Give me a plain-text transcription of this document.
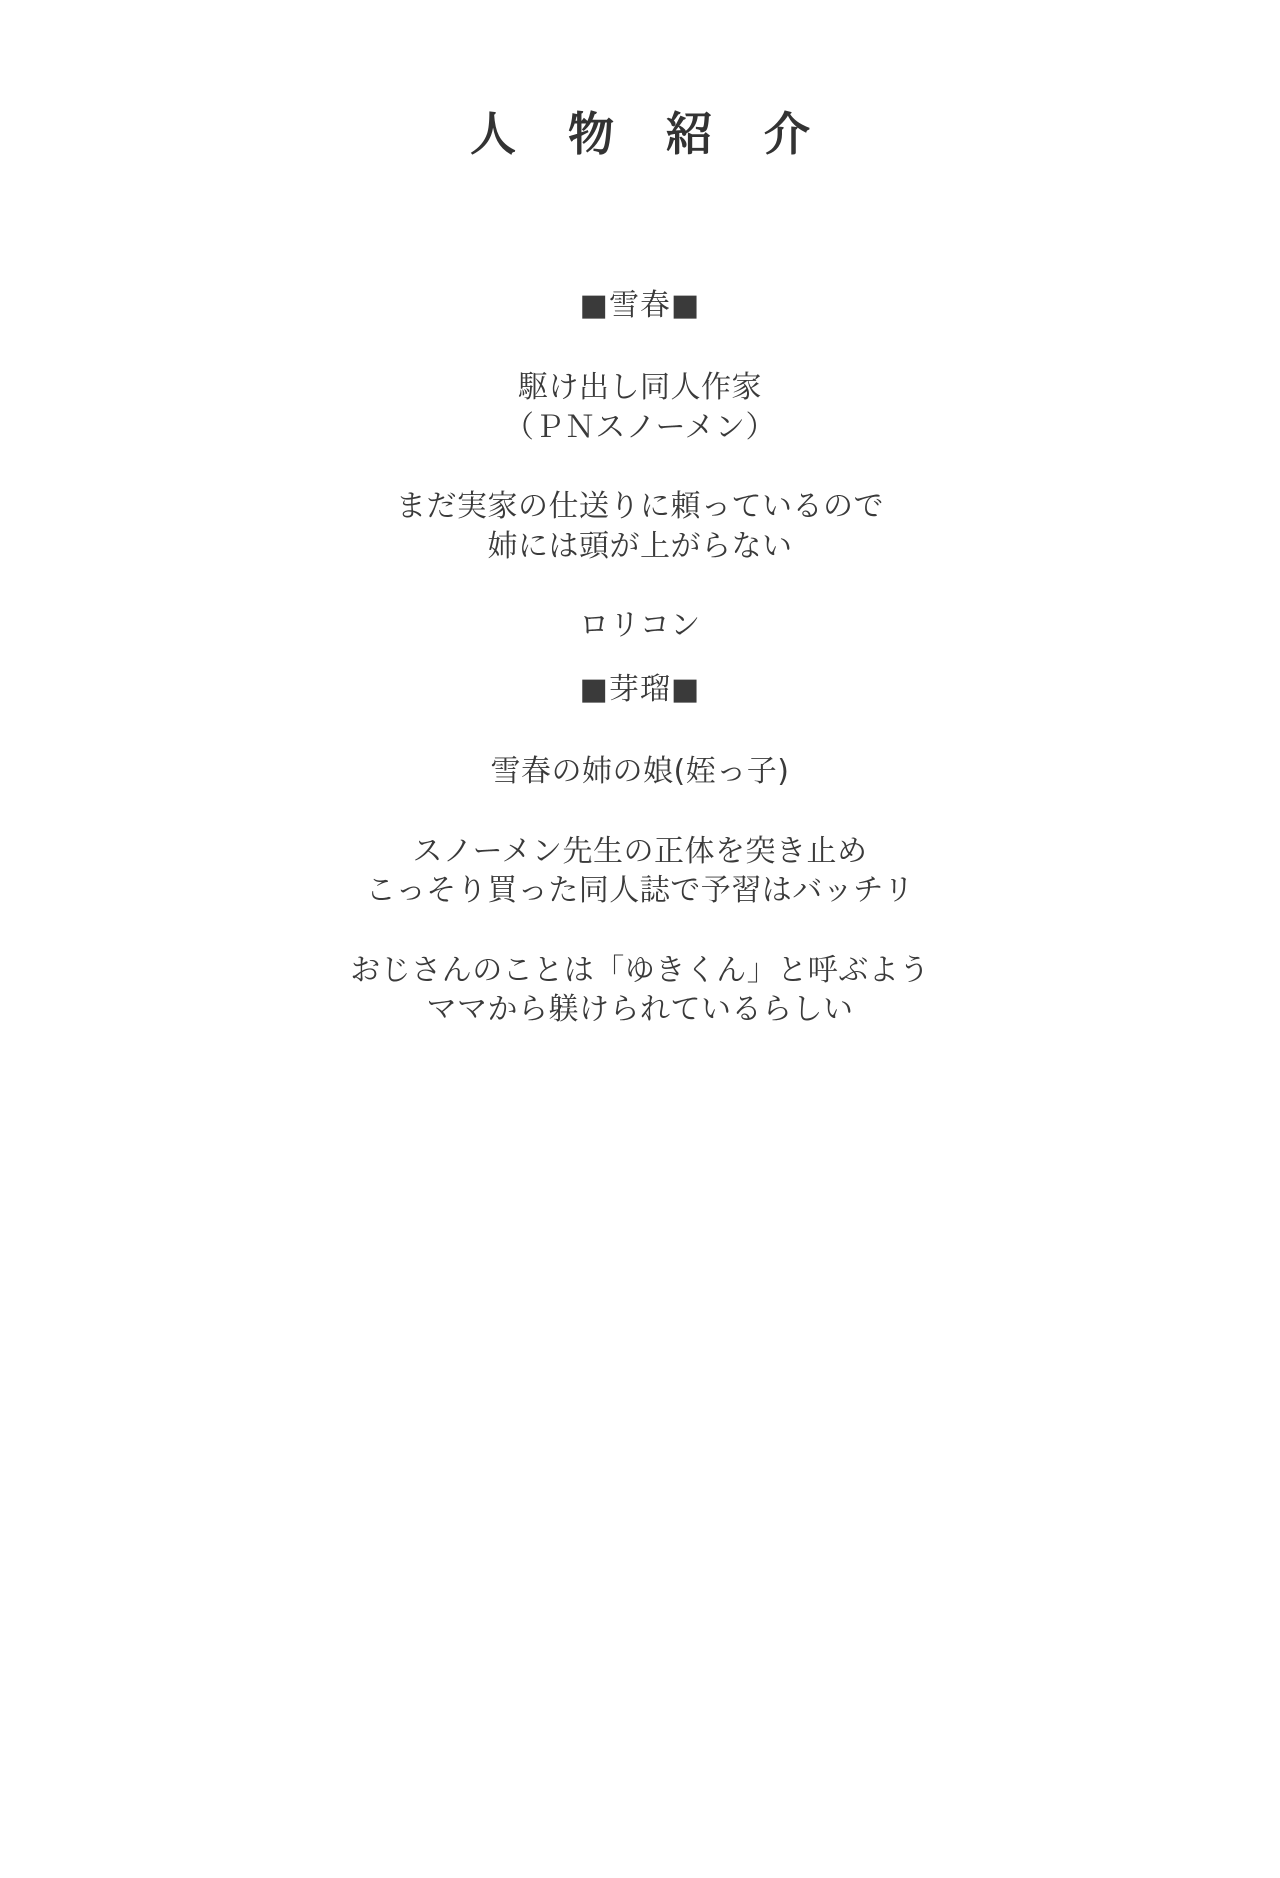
人 物 紹 介
■雪春■
駆け出し同人作家
（ＰＮスノーメン）
まだ実家の仕送りに頼っているので
姉には頭が上がらない
ロリコン
■芽瑠■
雪春の姉の娘(姪っ子)
スノーメン先生の正体を突き止め
こっそり買った同人誌で予習はバッチリ
おじさんのことは「ゆきくん」と呼ぶよう
ママから躾けられているらしい
